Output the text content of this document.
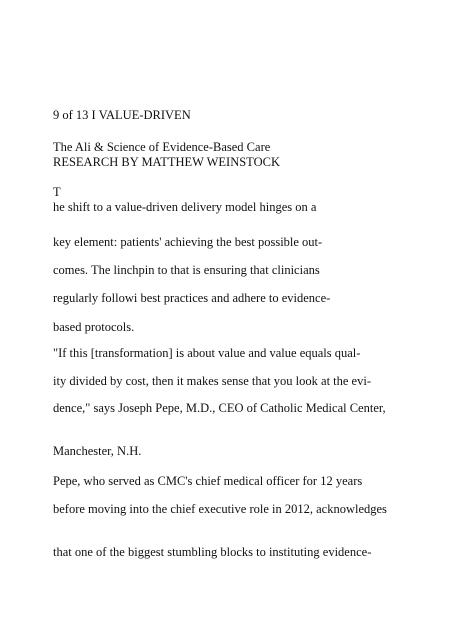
9 of 13 I VALUE-DRIVEN
The Ali & Science of Evidence-Based Care
RESEARCH BY MATTHEW WEINSTOCK
T
he shift to a value-driven delivery model hinges on a
key element: patients' achieving the best possible out-
comes. The linchpin to that is ensuring that clinicians
regularly followi best practices and adhere to evidence-
based protocols.
"If this [transformation] is about value and value equals qual-
ity divided by cost, then it makes sense that you look at the evi-
dence," says Joseph Pepe, M.D., CEO of Catholic Medical Center,
Manchester, N.H.
Pepe, who served as CMC's chief medical officer for 12 years
before moving into the chief executive role in 2012, acknowledges
that one of the biggest stumbling blocks to instituting evidence-
